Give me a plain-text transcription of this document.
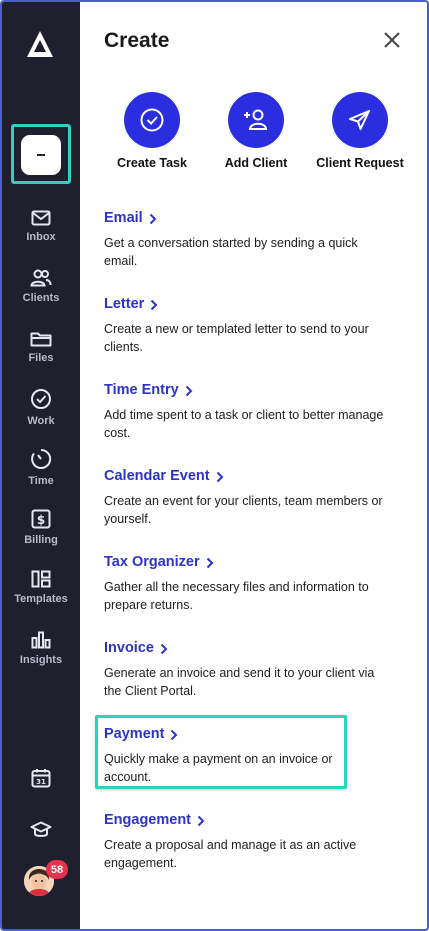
Inbox
Clients
Files
Work
Time
$
Billing
Templates
Insights
31
58
Create
Create Task	Add Client	Client Request
Email

Get a conversation started by sending a quick email.

Letter

Create a new or templated letter to send to your clients.

Time Entry

Add time spent to a task or client to better manage cost.

Calendar Event

Create an event for your clients, team members or yourself.

Tax Organizer

Gather all the necessary files and information to prepare returns.

Invoice

Generate an invoice and send it to your client via the Client Portal.

Payment

Quickly make a payment on an invoice or account.

Engagement

Create a proposal and manage it as an active engagement.
